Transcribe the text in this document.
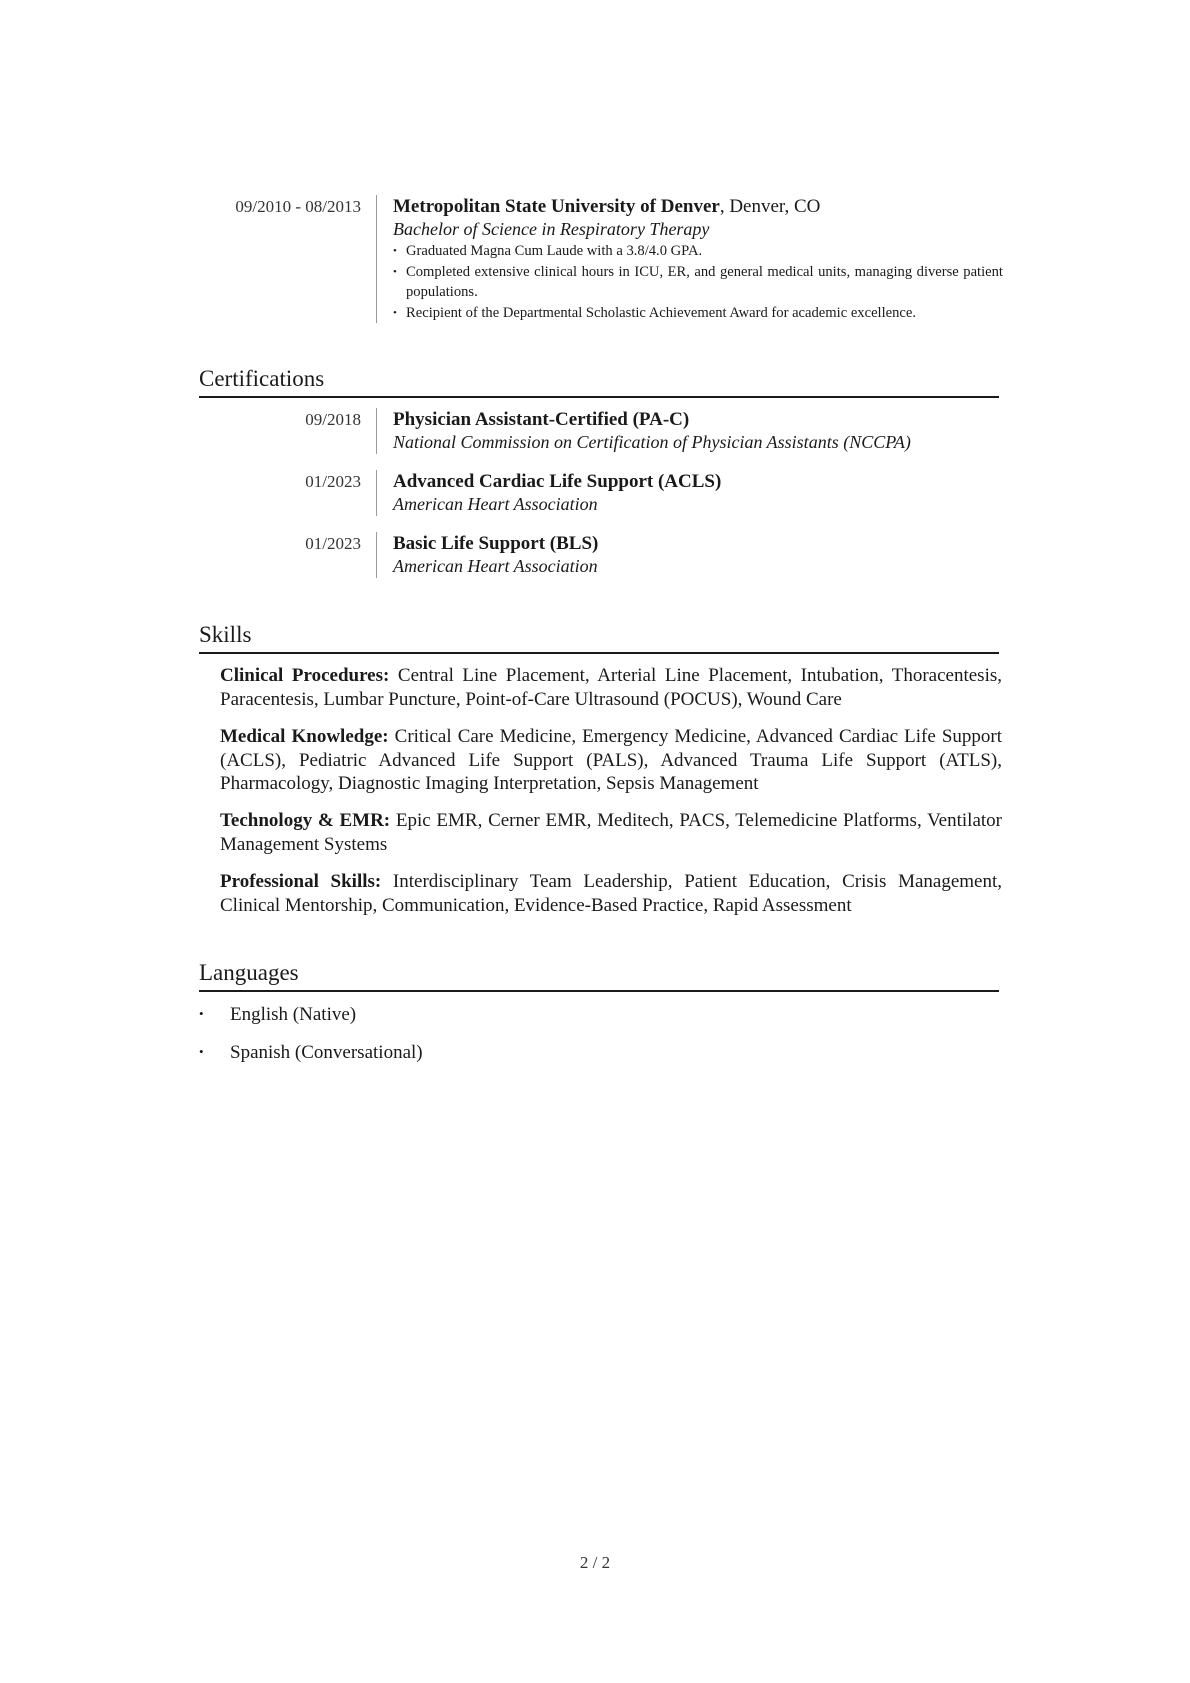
09/2010 - 08/2013	Metropolitan State University of Denver, Denver, CO
Bachelor of Science in Respiratory Therapy
• Graduated Magna Cum Laude with a 3.8/4.0 GPA.
• Completed extensive clinical hours in ICU, ER, and general medical units, managing diverse patient populations.
• Recipient of the Departmental Scholastic Achievement Award for academic excellence.
Certifications
09/2018	Physician Assistant-Certified (PA-C)
National Commission on Certification of Physician Assistants (NCCPA)
01/2023	Advanced Cardiac Life Support (ACLS)
American Heart Association
01/2023	Basic Life Support (BLS)
American Heart Association
Skills
Clinical Procedures: Central Line Placement, Arterial Line Placement, Intubation, Thoracentesis, Paracentesis, Lumbar Puncture, Point-of-Care Ultrasound (POCUS), Wound Care
Medical Knowledge: Critical Care Medicine, Emergency Medicine, Advanced Cardiac Life Support (ACLS), Pediatric Advanced Life Support (PALS), Advanced Trauma Life Support (ATLS), Pharmacology, Diagnostic Imaging Interpretation, Sepsis Management
Technology & EMR: Epic EMR, Cerner EMR, Meditech, PACS, Telemedicine Platforms, Ventilator Management Systems
Professional Skills: Interdisciplinary Team Leadership, Patient Education, Crisis Management, Clinical Mentorship, Communication, Evidence-Based Practice, Rapid Assessment
Languages
• English (Native)
• Spanish (Conversational)
2 / 2
